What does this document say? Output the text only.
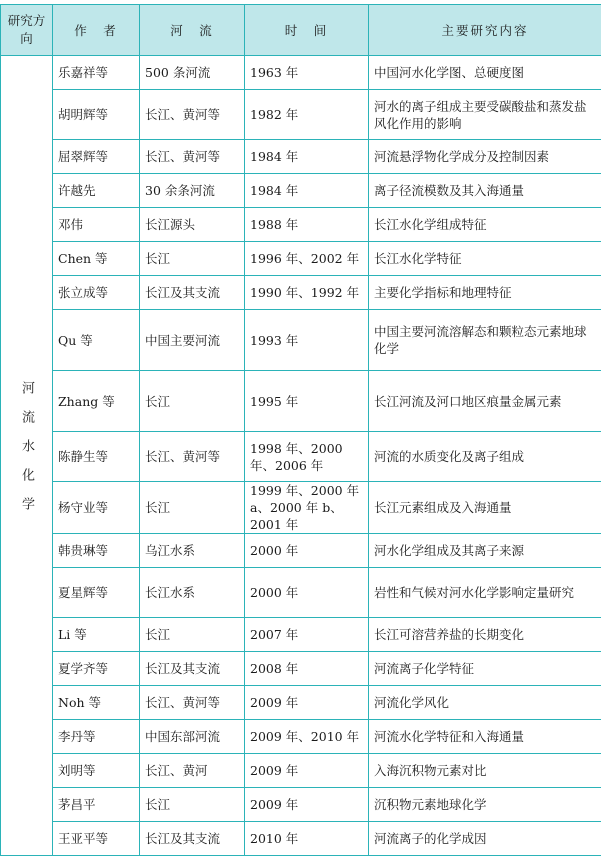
研究方向	作　者	河　流	时　间	主要研究内容
河流水化学	乐嘉祥等	500 条河流	1963 年	中国河水化学图、总硬度图
	胡明辉等	长江、黄河等	1982 年	河水的离子组成主要受碳酸盐和蒸发盐风化作用的影响
	屈翠辉等	长江、黄河等	1984 年	河流悬浮物化学成分及控制因素
	许越先	30 余条河流	1984 年	离子径流模数及其入海通量
	邓伟	长江源头	1988 年	长江水化学组成特征
	Chen 等	长江	1996 年、2002 年	长江水化学特征
	张立成等	长江及其支流	1990 年、1992 年	主要化学指标和地理特征
	Qu 等	中国主要河流	1993 年	中国主要河流溶解态和颗粒态元素地球化学
	Zhang 等	长江	1995 年	长江河流及河口地区痕量金属元素
	陈静生等	长江、黄河等	1998 年、2000 年、2006 年	河流的水质变化及离子组成
	杨守业等	长江	1999 年、2000 年 a、2000 年 b、2001 年	长江元素组成及入海通量
	韩贵琳等	乌江水系	2000 年	河水化学组成及其离子来源
	夏星辉等	长江水系	2000 年	岩性和气候对河水化学影响定量研究
	Li 等	长江	2007 年	长江可溶营养盐的长期变化
	夏学齐等	长江及其支流	2008 年	河流离子化学特征
	Noh 等	长江、黄河等	2009 年	河流化学风化
	李丹等	中国东部河流	2009 年、2010 年	河流水化学特征和入海通量
	刘明等	长江、黄河	2009 年	入海沉积物元素对比
	茅昌平	长江	2009 年	沉积物元素地球化学
	王亚平等	长江及其支流	2010 年	河流离子的化学成因
